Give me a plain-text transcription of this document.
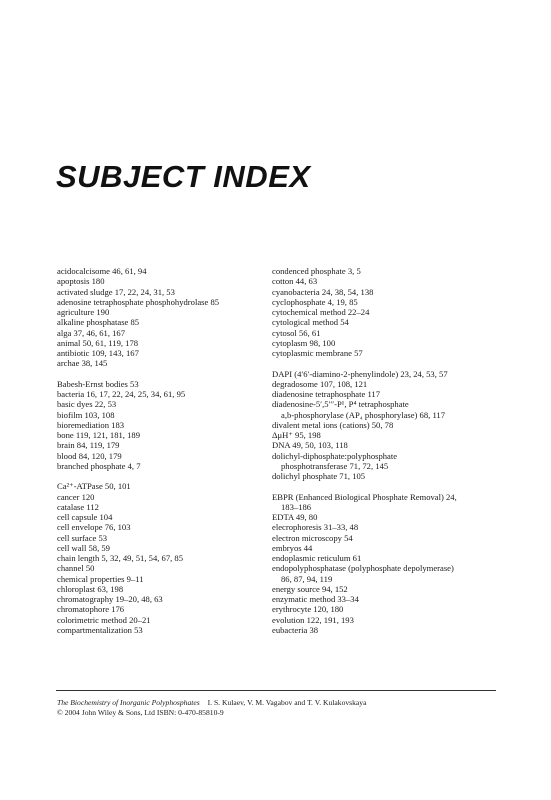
SUBJECT INDEX
acidocalcisome 46, 61, 94
apoptosis 180
activated sludge 17, 22, 24, 31, 53
adenosine tetraphosphate phosphohydrolase 85
agriculture 190
alkaline phosphatase 85
alga 37, 46, 61, 167
animal 50, 61, 119, 178
antibiotic 109, 143, 167
archae 38, 145
Babesh-Ernst bodies 53
bacteria 16, 17, 22, 24, 25, 34, 61, 95
basic dyes 22, 53
biofilm 103, 108
bioremediation 183
bone 119, 121, 181, 189
brain 84, 119, 179
blood 84, 120, 179
branched phosphate 4, 7
Ca²⁺-ATPase 50, 101
cancer 120
catalase 112
cell capsule 104
cell envelope 76, 103
cell surface 53
cell wall 58, 59
chain length 5, 32, 49, 51, 54, 67, 85
channel 50
chemical properties 9–11
chloroplast 63, 198
chromatography 19–20, 48, 63
chromatophore 176
colorimetric method 20–21
compartmentalization 53
condenced phosphate 3, 5
cotton 44, 63
cyanobacteria 24, 38, 54, 138
cyclophosphate 4, 19, 85
cytochemical method 22–24
cytological method 54
cytosol 56, 61
cytoplasm 98, 100
cytoplasmic membrane 57
DAPI (4′6′-diamino-2-phenylindole) 23, 24, 53, 57
degradosome 107, 108, 121
diadenosine tetraphosphate 117
diadenosine-5′,5′′′-P¹, P⁴ tetraphosphate
a,b-phosphorylase (AP₄ phosphorylase) 68, 117
divalent metal ions (cations) 50, 78
ΔμH⁺ 95, 198
DNA 49, 50, 103, 118
dolichyl-diphosphate:polyphosphate
phosphotransferase 71, 72, 145
dolichyl phosphate 71, 105
EBPR (Enhanced Biological Phosphate Removal) 24,
183–186
EDTA 49, 80
elecrophoresis 31–33, 48
electron microscopy 54
embryos 44
endoplasmic reticulum 61
endopolyphosphatase (polyphosphate depolymerase)
86, 87, 94, 119
energy source 94, 152
enzymatic method 33–34
erythrocyte 120, 180
evolution 122, 191, 193
eubacteria 38
The Biochemistry of Inorganic Polyphosphates I. S. Kulaev, V. M. Vagabov and T. V. Kulakovskaya
© 2004 John Wiley & Sons, Ltd ISBN: 0-470-85810-9
